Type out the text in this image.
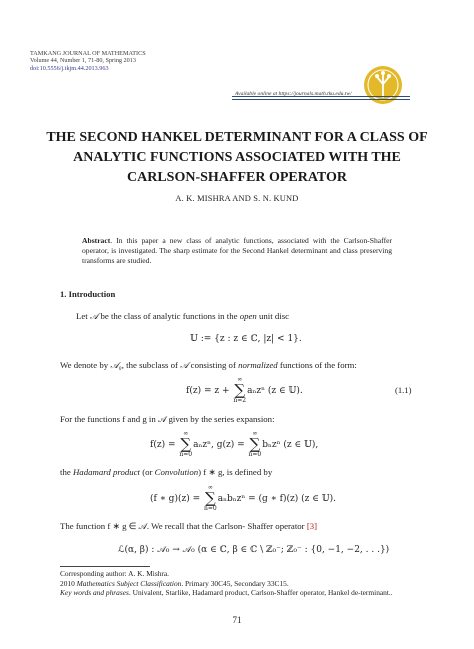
TAMKANG JOURNAL OF MATHEMATICS
Volume 44, Number 1, 71-80, Spring 2013
doi:10.5556/j.tkjm.44.2013.963
Available online at https://journals.math.tku.edu.tw/
THE SECOND HANKEL DETERMINANT FOR A CLASS OF
ANALYTIC FUNCTIONS ASSOCIATED WITH THE
CARLSON-SHAFFER OPERATOR
A. K. MISHRA AND S. N. KUND
Abstract. In this paper a new class of analytic functions, associated with the Carlson-Shaffer operator, is investigated. The sharp estimate for the Second Hankel determinant and class preserving transforms are studied.
1. Introduction
Let 𝒜 be the class of analytic functions in the open unit disc
𝕌 := {z : z ∈ ℂ, |z| < 1}.
We denote by 𝒜₀, the subclass of 𝒜 consisting of normalized functions of the form:
f(z) = z +
∞
∑
n=2
aₙzⁿ (z ∈ 𝕌).	(1.1)
For the functions f and g in 𝒜 given by the series expansion:
f(z) =
∞
∑
n=0
aₙzⁿ, g(z) =
∞
∑
n=0
bₙzⁿ (z ∈ 𝕌),
the Hadamard product (or Convolution) f ∗ g, is defined by
(f ∗ g)(z) =
∞
∑
n=0
aₙbₙzⁿ = (g ∗ f)(z) (z ∈ 𝕌).
The function f ∗ g ∈ 𝒜. We recall that the Carlson- Shaffer operator [3]
ℒ(α, β) : 𝒜₀ → 𝒜₀ (α ∈ ℂ, β ∈ ℂ \ ℤ₀⁻; ℤ₀⁻ : {0, −1, −2, . . .})
Corresponding author: A. K. Mishra.
2010 Mathematics Subject Classification. Primary 30C45, Secondary 33C15.
Key words and phrases. Univalent, Starlike, Hadamard product, Carlson-Shaffer operator, Hankel de-terminant..
71
